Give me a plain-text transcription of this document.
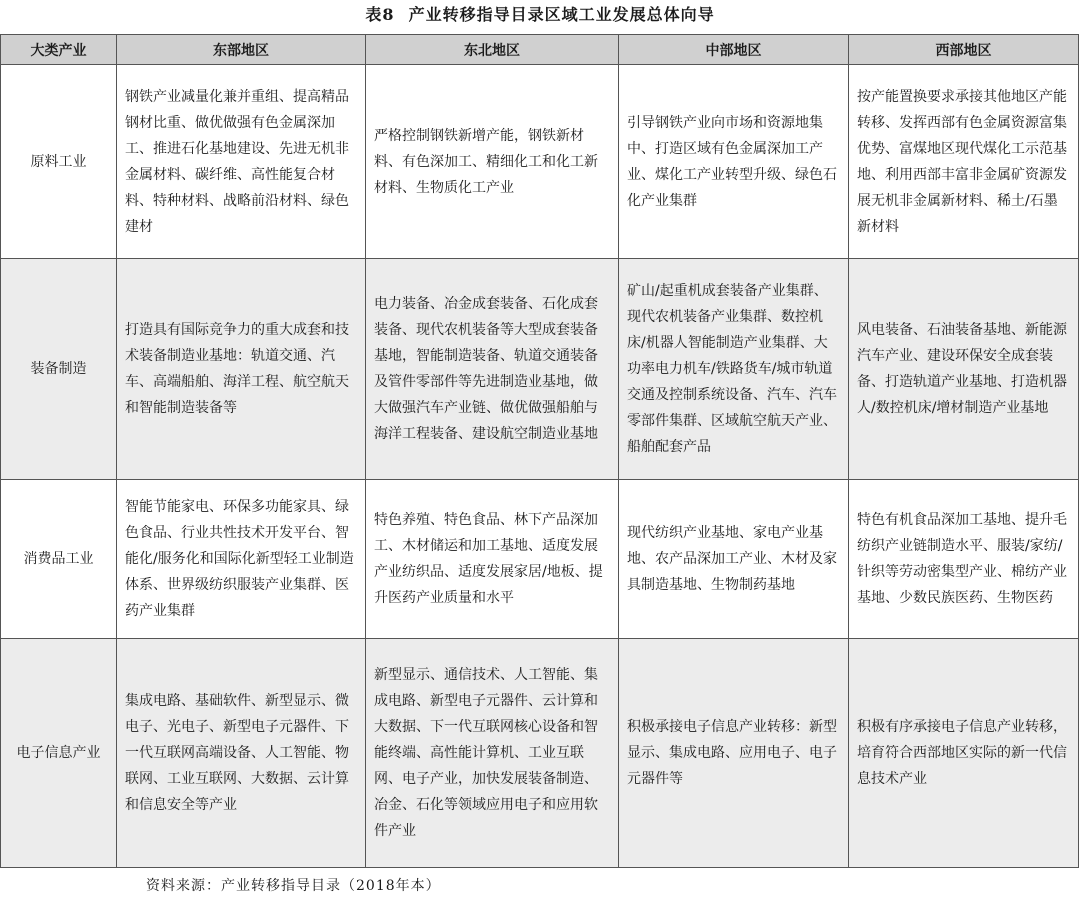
表8 产业转移指导目录区域工业发展总体向导
大类产业	东部地区	东北地区	中部地区	西部地区
原料工业	钢铁产业减量化兼并重组、提高精品钢材比重、做优做强有色金属深加工、推进石化基地建设、先进无机非金属材料、碳纤维、高性能复合材料、特种材料、战略前沿材料、绿色建材	严格控制钢铁新增产能，钢铁新材料、有色深加工、精细化工和化工新材料、生物质化工产业	引导钢铁产业向市场和资源地集中、打造区域有色金属深加工产业、煤化工产业转型升级、绿色石化产业集群	按产能置换要求承接其他地区产能转移、发挥西部有色金属资源富集优势、富煤地区现代煤化工示范基地、利用西部丰富非金属矿资源发展无机非金属新材料、稀土/石墨新材料
装备制造	打造具有国际竞争力的重大成套和技术装备制造业基地：轨道交通、汽车、高端船舶、海洋工程、航空航天和智能制造装备等	电力装备、冶金成套装备、石化成套装备、现代农机装备等大型成套装备基地，智能制造装备、轨道交通装备及管件零部件等先进制造业基地，做大做强汽车产业链、做优做强船舶与海洋工程装备、建设航空制造业基地	矿山/起重机成套装备产业集群、现代农机装备产业集群、数控机床/机器人智能制造产业集群、大功率电力机车/铁路货车/城市轨道交通及控制系统设备、汽车、汽车零部件集群、区域航空航天产业、船舶配套产品	风电装备、石油装备基地、新能源汽车产业、建设环保安全成套装备、打造轨道产业基地、打造机器人/数控机床/增材制造产业基地
消费品工业	智能节能家电、环保多功能家具、绿色食品、行业共性技术开发平台、智能化/服务化和国际化新型轻工业制造体系、世界级纺织服装产业集群、医药产业集群	特色养殖、特色食品、林下产品深加工、木材储运和加工基地、适度发展产业纺织品、适度发展家居/地板、提升医药产业质量和水平	现代纺织产业基地、家电产业基地、农产品深加工产业、木材及家具制造基地、生物制药基地	特色有机食品深加工基地、提升毛纺织产业链制造水平、服装/家纺/针织等劳动密集型产业、棉纺产业基地、少数民族医药、生物医药
电子信息产业	集成电路、基础软件、新型显示、微电子、光电子、新型电子元器件、下一代互联网高端设备、人工智能、物联网、工业互联网、大数据、云计算和信息安全等产业	新型显示、通信技术、人工智能、集成电路、新型电子元器件、云计算和大数据、下一代互联网核心设备和智能终端、高性能计算机、工业互联网、电子产业，加快发展装备制造、冶金、石化等领域应用电子和应用软件产业	积极承接电子信息产业转移：新型显示、集成电路、应用电子、电子元器件等	积极有序承接电子信息产业转移，培育符合西部地区实际的新一代信息技术产业
资料来源：产业转移指导目录（2018年本）
